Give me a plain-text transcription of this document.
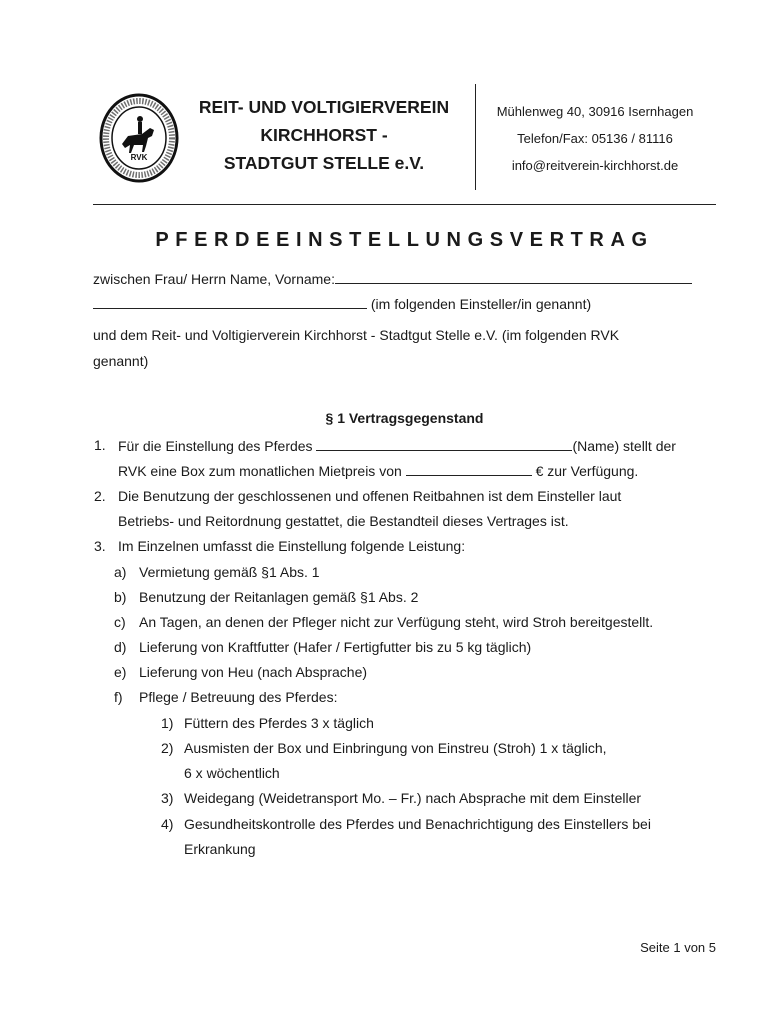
RVK
REIT- UND VOLTIGIERVEREIN
KIRCHHORST -
STADTGUT STELLE e.V.
Mühlenweg 40, 30916 Isernhagen
Telefon/Fax: 05136 / 81116
info@reitverein-kirchhorst.de
PFERDEEINSTELLUNGSVERTRAG
zwischen Frau/ Herrn Name, Vorname:
(im folgenden Einsteller/in genannt)
und dem Reit- und Voltigierverein Kirchhorst - Stadtgut Stelle e.V. (im folgenden RVK
genannt)
§ 1 Vertragsgegenstand
1. Für die Einstellung des Pferdes	(Name) stellt der
RVK eine Box zum monatlichen Mietpreis von	€ zur Verfügung.
2. Die Benutzung der geschlossenen und offenen Reitbahnen ist dem Einsteller laut
Betriebs- und Reitordnung gestattet, die Bestandteil dieses Vertrages ist.
3. Im Einzelnen umfasst die Einstellung folgende Leistung:
a) Vermietung gemäß §1 Abs. 1
b) Benutzung der Reitanlagen gemäß §1 Abs. 2
c) An Tagen, an denen der Pfleger nicht zur Verfügung steht, wird Stroh bereitgestellt.
d) Lieferung von Kraftfutter (Hafer / Fertigfutter bis zu 5 kg täglich)
e) Lieferung von Heu (nach Absprache)
f) Pflege / Betreuung des Pferdes:
1) Füttern des Pferdes 3 x täglich
2) Ausmisten der Box und Einbringung von Einstreu (Stroh) 1 x täglich,
6 x wöchentlich
3) Weidegang (Weidetransport Mo. – Fr.) nach Absprache mit dem Einsteller
4) Gesundheitskontrolle des Pferdes und Benachrichtigung des Einstellers bei
Erkrankung
Seite 1 von 5
